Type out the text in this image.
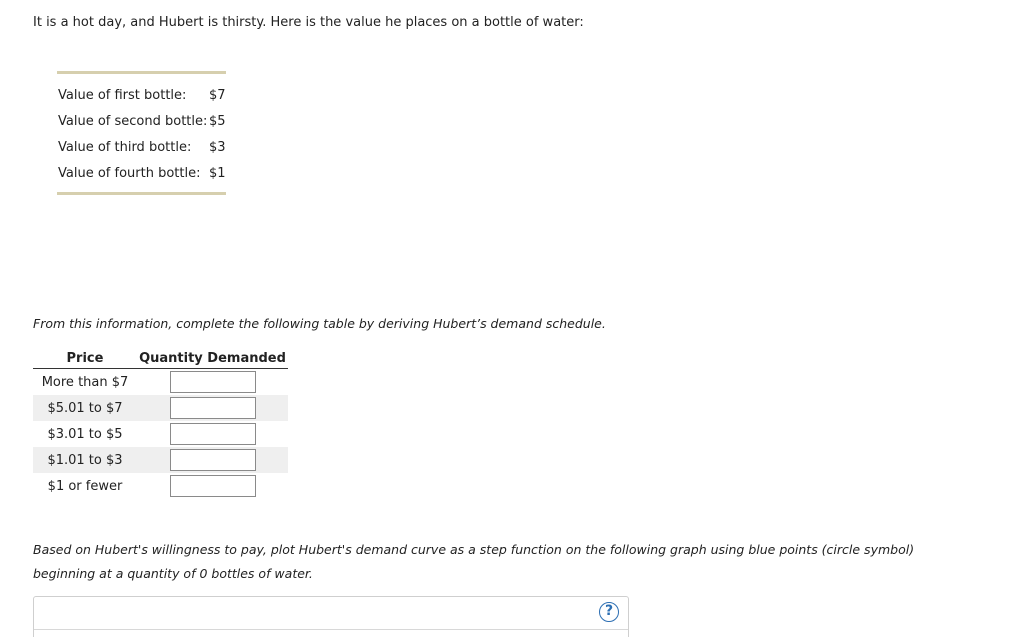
It is a hot day, and Hubert is thirsty. Here is the value he places on a bottle of water:
Value of first bottle:	$7
Value of second bottle: $5
Value of third bottle:	$3
Value of fourth bottle: $1
From this information, complete the following table by deriving Hubert’s demand schedule.
Price	Quantity Demanded
More than $7	
$5.01 to $7	
$3.01 to $5	
$1.01 to $3	
$1 or fewer	
Based on Hubert's willingness to pay, plot Hubert's demand curve as a step function on the following graph using blue points (circle symbol) beginning at a quantity of 0 bottles of water.
?
